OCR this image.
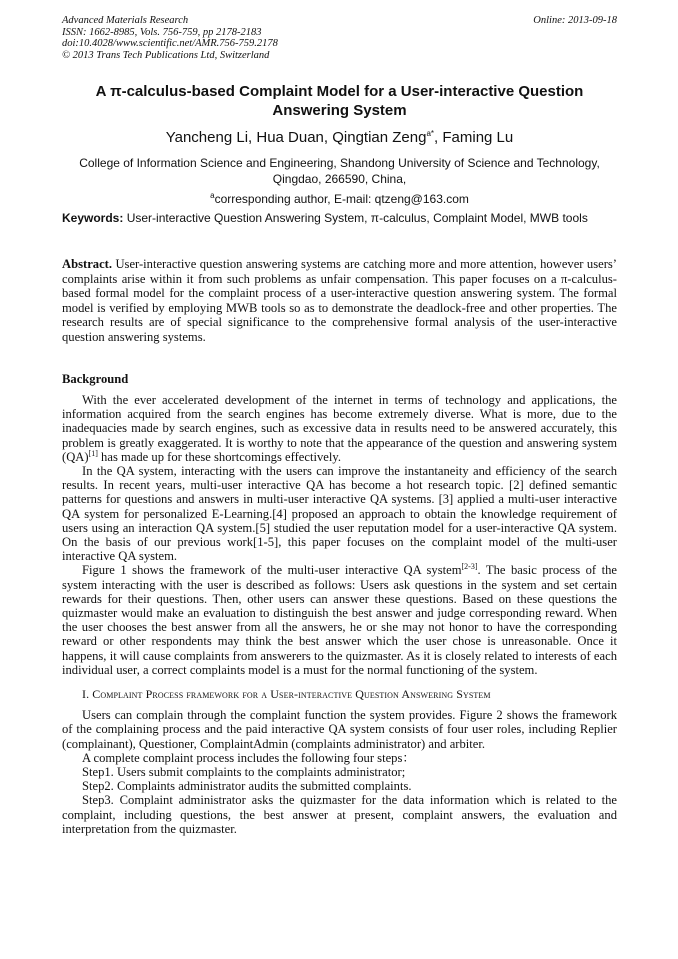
Advanced Materials Research
ISSN: 1662-8985, Vols. 756-759, pp 2178-2183
doi:10.4028/www.scientific.net/AMR.756-759.2178
© 2013 Trans Tech Publications Ltd, Switzerland
Online: 2013-09-18
A π-calculus-based Complaint Model for a User-interactive Question Answering System
Yancheng Li, Hua Duan, Qingtian Zeng$^{a*}$, Faming Lu
College of Information Science and Engineering, Shandong University of Science and Technology, Qingdao, 266590, China,
$^a$corresponding author, E-mail: qtzeng@163.com
Keywords: User-interactive Question Answering System, π-calculus, Complaint Model, MWB tools
Abstract. User-interactive question answering systems are catching more and more attention, however users’ complaints arise within it from such problems as unfair compensation. This paper focuses on a π-calculus-based formal model for the complaint process of a user-interactive question answering system. The formal model is verified by employing MWB tools so as to demonstrate the deadlock-free and other properties. The research results are of special significance to the comprehensive formal analysis of the user-interactive question answering systems.
Background

With the ever accelerated development of the internet in terms of technology and applications, the information acquired from the search engines has become extremely diverse. What is more, due to the inadequacies made by search engines, such as excessive data in results need to be answered accurately, this problem is greatly exaggerated. It is worthy to note that the appearance of the question and answering system (QA)[1] has made up for these shortcomings effectively.

In the QA system, interacting with the users can improve the instantaneity and efficiency of the search results. In recent years, multi-user interactive QA has become a hot research topic. [2] defined semantic patterns for questions and answers in multi-user interactive QA systems. [3] applied a multi-user interactive QA system for personalized E-Learning.[4] proposed an approach to obtain the knowledge requirement of users using an interaction QA system.[5] studied the user reputation model for a user-interactive QA system. On the basis of our previous work[1-5], this paper focuses on the complaint model of the multi-user interactive QA system.

Figure 1 shows the framework of the multi-user interactive QA system[2-3]. The basic process of the system interacting with the user is described as follows: Users ask questions in the system and set certain rewards for their questions. Then, other users can answer these questions. Based on these questions the quizmaster would make an evaluation to distinguish the best answer and judge corresponding reward. When the user chooses the best answer from all the answers, he or she may not honor to have the corresponding reward or other respondents may think the best answer which the user chose is unreasonable. Once it happens, it will cause complaints from answerers to the quizmaster. As it is closely related to interests of each individual user, a correct complaints model is a must for the normal functioning of the system.

I. Complaint Process framework for a User-interactive Question Answering System

Users can complain through the complaint function the system provides. Figure 2 shows the framework of the complaining process and the paid interactive QA system consists of four user roles, including Replier (complainant), Questioner, ComplaintAdmin (complaints administrator) and arbiter.

A complete complaint process includes the following four steps：

Step1. Users submit complaints to the complaints administrator;

Step2. Complaints administrator audits the submitted complaints.

Step3. Complaint administrator asks the quizmaster for the data information which is related to the complaint, including questions, the best answer at present, complaint answers, the evaluation and interpretation from the quizmaster.
